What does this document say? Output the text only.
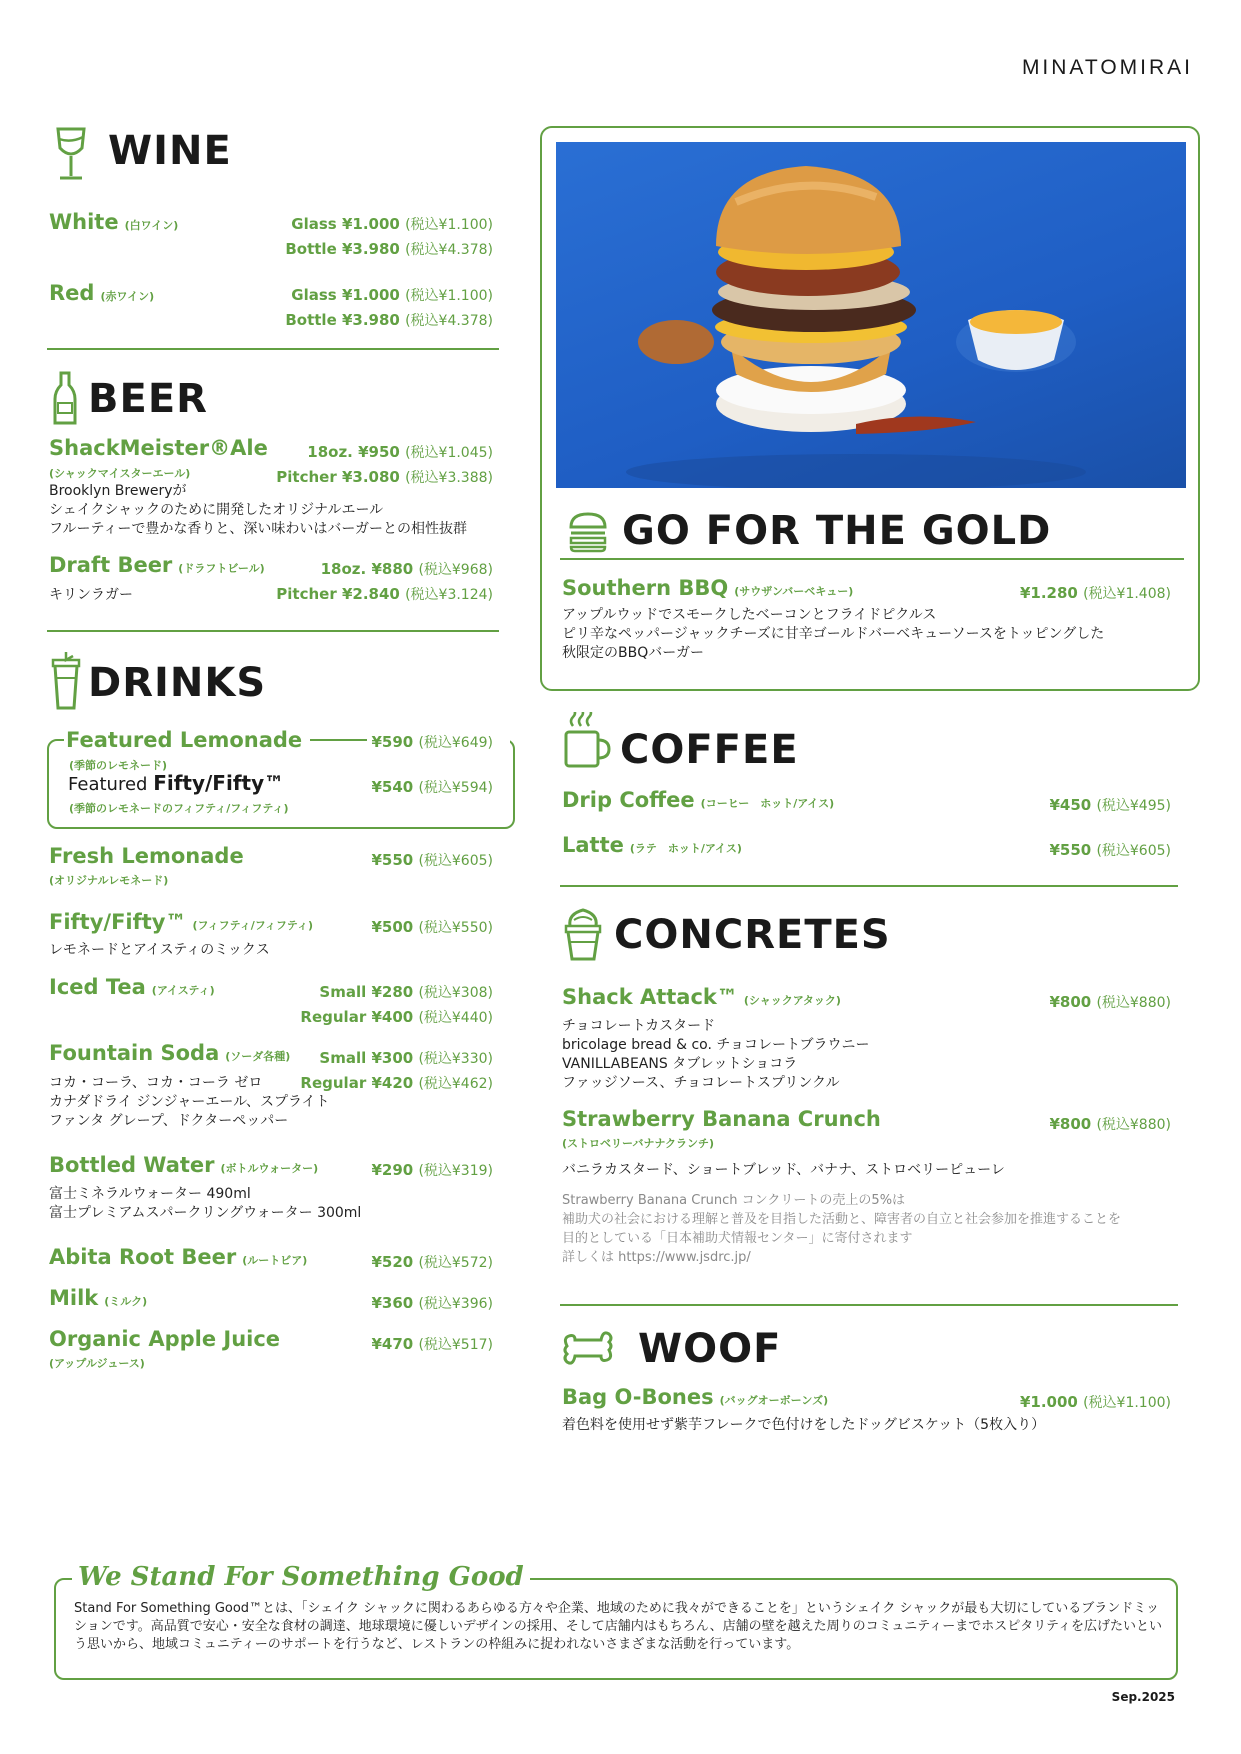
MINATOMIRAI
WINE
White (白ワイン)	Glass ¥1.000 (税込¥1.100)
Bottle ¥3.980 (税込¥4.378)
Red (赤ワイン)	Glass ¥1.000 (税込¥1.100)
Bottle ¥3.980 (税込¥4.378)
BEER
ShackMeister®Ale
(シャックマイスターエール)
18oz. ¥950 (税込¥1.045)
Pitcher ¥3.080 (税込¥3.388)
Brooklyn Breweryが
シェイクシャックのために開発したオリジナルエール
フルーティーで豊かな香りと、深い味わいはバーガーとの相性抜群
Draft Beer (ドラフトビール)	18oz. ¥880 (税込¥968)
Pitcher ¥2.840 (税込¥3.124)
キリンラガー
DRINKS
Featured Lemonade
(季節のレモネード)
¥590 (税込¥649)
Featured Fifty/Fifty™
(季節のレモネードのフィフティ/フィフティ)
¥540 (税込¥594)
Fresh Lemonade
(オリジナルレモネード)
¥550 (税込¥605)
Fifty/Fifty™ (フィフティ/フィフティ)	¥500 (税込¥550)
レモネードとアイスティのミックス
Iced Tea (アイスティ)	Small ¥280 (税込¥308)
Regular ¥400 (税込¥440)
Fountain Soda (ソーダ各種) Small ¥300 (税込¥330)
Regular ¥420 (税込¥462)
コカ・コーラ、コカ・コーラ ゼロ
カナダドライ ジンジャーエール、スプライト
ファンタ グレープ、ドクターペッパー
Bottled Water (ボトルウォーター)	¥290 (税込¥319)
富士ミネラルウォーター 490ml
富士プレミアムスパークリングウォーター 300ml
Abita Root Beer (ルートビア)	¥520 (税込¥572)
Milk (ミルク)	¥360 (税込¥396)
Organic Apple Juice
(アップルジュース)
¥470 (税込¥517)
GO FOR THE GOLD
Southern BBQ (サウザンバーベキュー)	¥1.280 (税込¥1.408)
アップルウッドでスモークしたベーコンとフライドピクルス
ピリ辛なペッパージャックチーズに甘辛ゴールドバーベキューソースをトッピングした
秋限定のBBQバーガー
COFFEE
Drip Coffee (コーヒー　ホット/アイス)	¥450 (税込¥495)
Latte (ラテ　ホット/アイス)	¥550 (税込¥605)
CONCRETES
Shack Attack™ (シャックアタック)	¥800 (税込¥880)
チョコレートカスタード
bricolage bread & co. チョコレートブラウニー
VANILLABEANS タブレットショコラ
ファッジソース、チョコレートスプリンクル
Strawberry Banana Crunch
(ストロベリーバナナクランチ)
¥800 (税込¥880)
バニラカスタード、ショートブレッド、バナナ、ストロベリーピューレ
Strawberry Banana Crunch コンクリートの売上の5%は
補助犬の社会における理解と普及を目指した活動と、障害者の自立と社会参加を推進することを
目的としている「日本補助犬情報センター」に寄付されます
詳しくは https://www.jsdrc.jp/
WOOF
Bag O-Bones (バッグオーボーンズ)	¥1.000 (税込¥1.100)
着色料を使用せず紫芋フレークで色付けをしたドッグビスケット（5枚入り）
We Stand For Something Good
Stand For Something Good™とは、「シェイク シャックに関わるあらゆる方々や企業、地域のために我々ができることを」というシェイク シャックが最も大切にしているブランドミッションです。高品質で安心・安全な食材の調達、地球環境に優しいデザインの採用、そして店舗内はもちろん、店舗の壁を越えた周りのコミュニティーまでホスピタリティを広げたいという思いから、地域コミュニティーのサポートを行うなど、レストランの枠組みに捉われないさまざまな活動を行っています。
Sep.2025
